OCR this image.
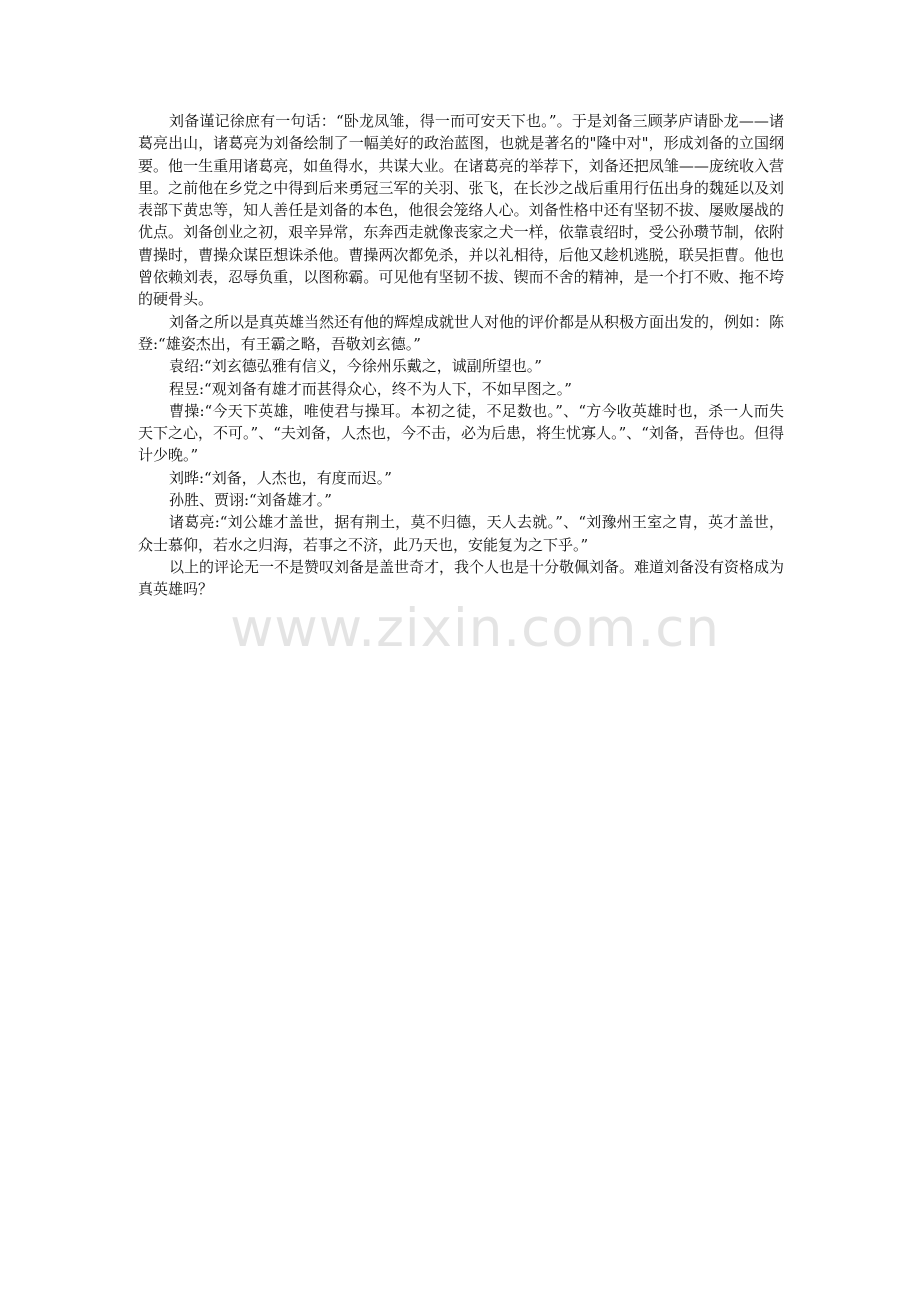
刘备谨记徐庶有一句话：“卧龙凤雏，得一而可安天下也。”。于是刘备三顾茅庐请卧龙——诸葛亮出山，诸葛亮为刘备绘制了一幅美好的政治蓝图，也就是著名的"隆中对"，形成刘备的立国纲要。他一生重用诸葛亮，如鱼得水，共谋大业。在诸葛亮的举荐下，刘备还把凤雏——庞统收入营里。之前他在乡党之中得到后来勇冠三军的关羽、张飞，在长沙之战后重用行伍出身的魏延以及刘表部下黄忠等，知人善任是刘备的本色，他很会笼络人心。刘备性格中还有坚韧不拔、屡败屡战的优点。刘备创业之初，艰辛异常，东奔西走就像丧家之犬一样，依靠袁绍时，受公孙瓒节制，依附曹操时，曹操众谋臣想诛杀他。曹操两次都免杀，并以礼相待，后他又趁机逃脱，联吴拒曹。他也曾依赖刘表，忍辱负重，以图称霸。可见他有坚韧不拔、锲而不舍的精神，是一个打不败、拖不垮的硬骨头。

刘备之所以是真英雄当然还有他的辉煌成就世人对他的评价都是从积极方面出发的，例如：陈登:“雄姿杰出，有王霸之略，吾敬刘玄德。”

袁绍:“刘玄德弘雅有信义，今徐州乐戴之，诚副所望也。”

程昱:“观刘备有雄才而甚得众心，终不为人下，不如早图之。”

曹操:“今天下英雄，唯使君与操耳。本初之徒，不足数也。”、“方今收英雄时也，杀一人而失天下之心，不可。”、“夫刘备，人杰也，今不击，必为后患，将生忧寡人。”、“刘备，吾侍也。但得计少晚。”

刘晔:“刘备，人杰也，有度而迟。”

孙胜、贾诩:“刘备雄才。”

诸葛亮:“刘公雄才盖世，据有荆土，莫不归德，天人去就。”、“刘豫州王室之胄，英才盖世，众士慕仰，若水之归海，若事之不济，此乃天也，安能复为之下乎。”

以上的评论无一不是赞叹刘备是盖世奇才，我个人也是十分敬佩刘备。难道刘备没有资格成为真英雄吗？

www.zixin.com.cn
